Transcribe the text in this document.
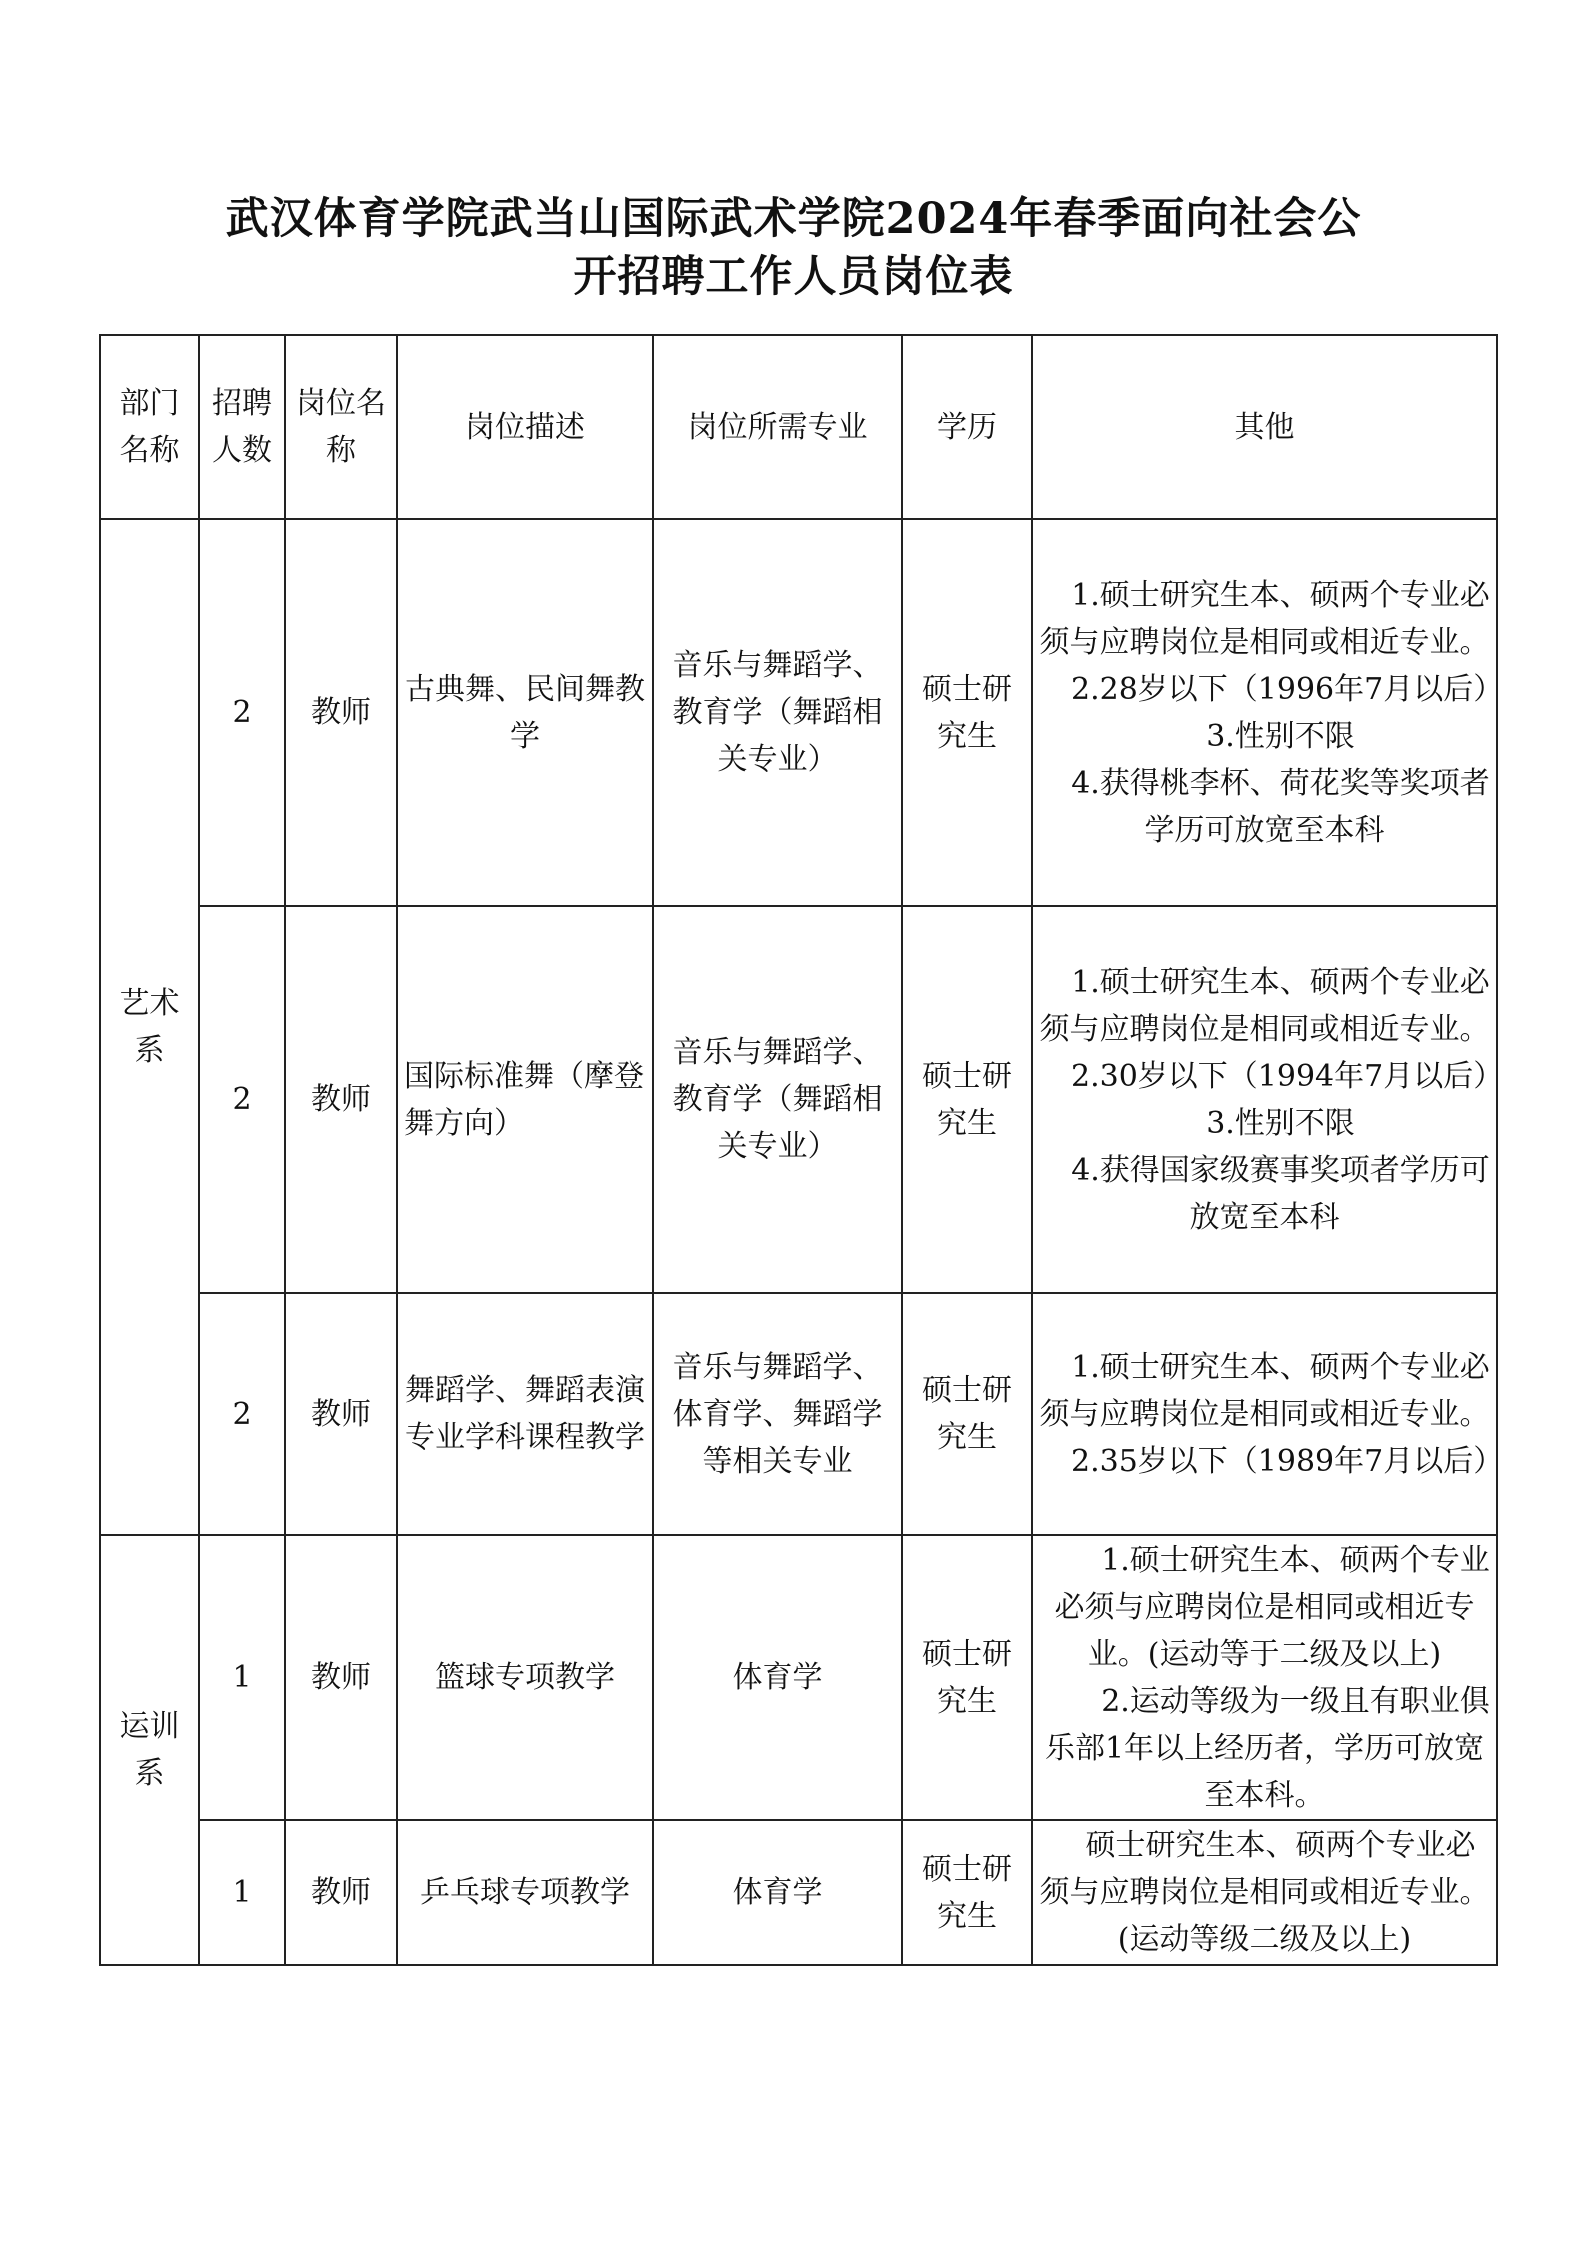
武汉体育学院武当山国际武术学院2024年春季面向社会公
开招聘工作人员岗位表
部门名称	招聘人数	岗位名称	岗位描述	岗位所需专业	学历	其他
艺术系	2	教师	古典舞、民间舞教学	音乐与舞蹈学、教育学（舞蹈相关专业）	硕士研究生	1.硕士研究生本、硕两个专业必须与应聘岗位是相同或相近专业。

2.28岁以下（1996年7月以后）

3.性别不限

4.获得桃李杯、荷花奖等奖项者学历可放宽至本科

	2	教师	国际标准舞（摩登舞方向）	音乐与舞蹈学、教育学（舞蹈相关专业）	硕士研究生	1.硕士研究生本、硕两个专业必须与应聘岗位是相同或相近专业。

2.30岁以下（1994年7月以后）

3.性别不限

4.获得国家级赛事奖项者学历可放宽至本科

	2	教师	舞蹈学、舞蹈表演专业学科课程教学	音乐与舞蹈学、体育学、舞蹈学等相关专业	硕士研究生	1.硕士研究生本、硕两个专业必须与应聘岗位是相同或相近专业。

2.35岁以下（1989年7月以后）

运训系	1	教师	篮球专项教学	体育学	硕士研究生	1.硕士研究生本、硕两个专业必须与应聘岗位是相同或相近专业。(运动等于二级及以上)

2.运动等级为一级且有职业俱乐部1年以上经历者，学历可放宽至本科。

	1	教师	乒乓球专项教学	体育学	硕士研究生	硕士研究生本、硕两个专业必须与应聘岗位是相同或相近专业。(运动等级二级及以上)
